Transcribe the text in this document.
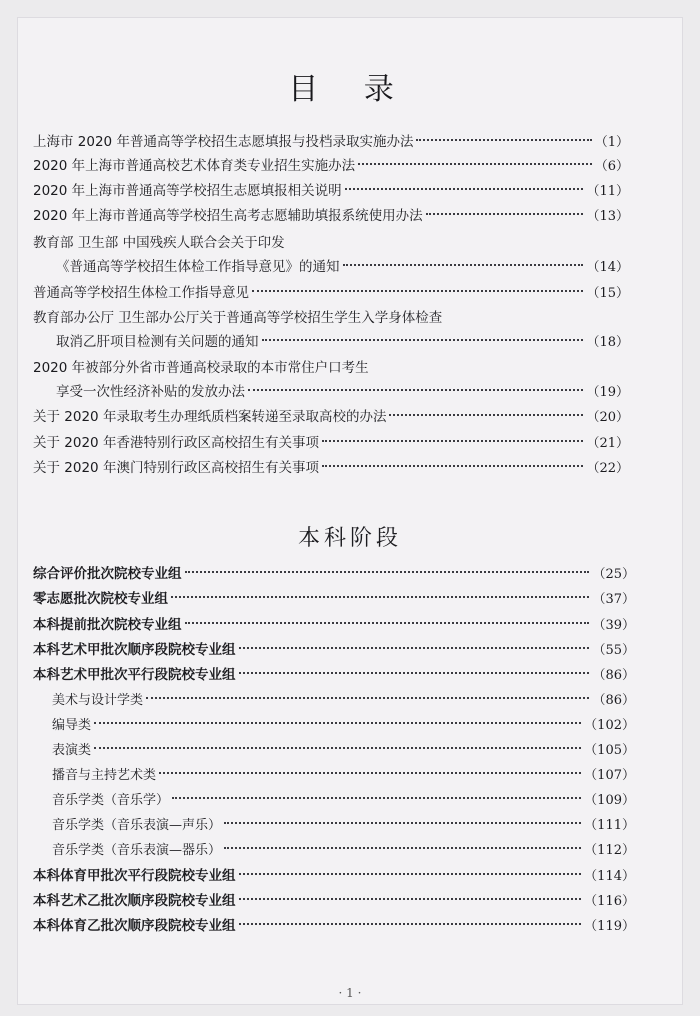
目 录
上海市 2020 年普通高等学校招生志愿填报与投档录取实施办法	（1）
2020 年上海市普通高校艺术体育类专业招生实施办法	（6）
2020 年上海市普通高等学校招生志愿填报相关说明	（11）
2020 年上海市普通高等学校招生高考志愿辅助填报系统使用办法	（13）
教育部 卫生部 中国残疾人联合会关于印发
《普通高等学校招生体检工作指导意见》的通知	（14）
普通高等学校招生体检工作指导意见	（15）
教育部办公厅 卫生部办公厅关于普通高等学校招生学生入学身体检查
取消乙肝项目检测有关问题的通知	（18）
2020 年被部分外省市普通高校录取的本市常住户口考生
享受一次性经济补贴的发放办法	（19）
关于 2020 年录取考生办理纸质档案转递至录取高校的办法	（20）
关于 2020 年香港特别行政区高校招生有关事项	（21）
关于 2020 年澳门特别行政区高校招生有关事项	（22）
本科阶段
综合评价批次院校专业组	（25）
零志愿批次院校专业组	（37）
本科提前批次院校专业组	（39）
本科艺术甲批次顺序段院校专业组	（55）
本科艺术甲批次平行段院校专业组	（86）
美术与设计学类	（86）
编导类	（102）
表演类	（105）
播音与主持艺术类	（107）
音乐学类（音乐学）	（109）
音乐学类（音乐表演—声乐）	（111）
音乐学类（音乐表演—器乐）	（112）
本科体育甲批次平行段院校专业组	（114）
本科艺术乙批次顺序段院校专业组	（116）
本科体育乙批次顺序段院校专业组	（119）
· 1 ·
